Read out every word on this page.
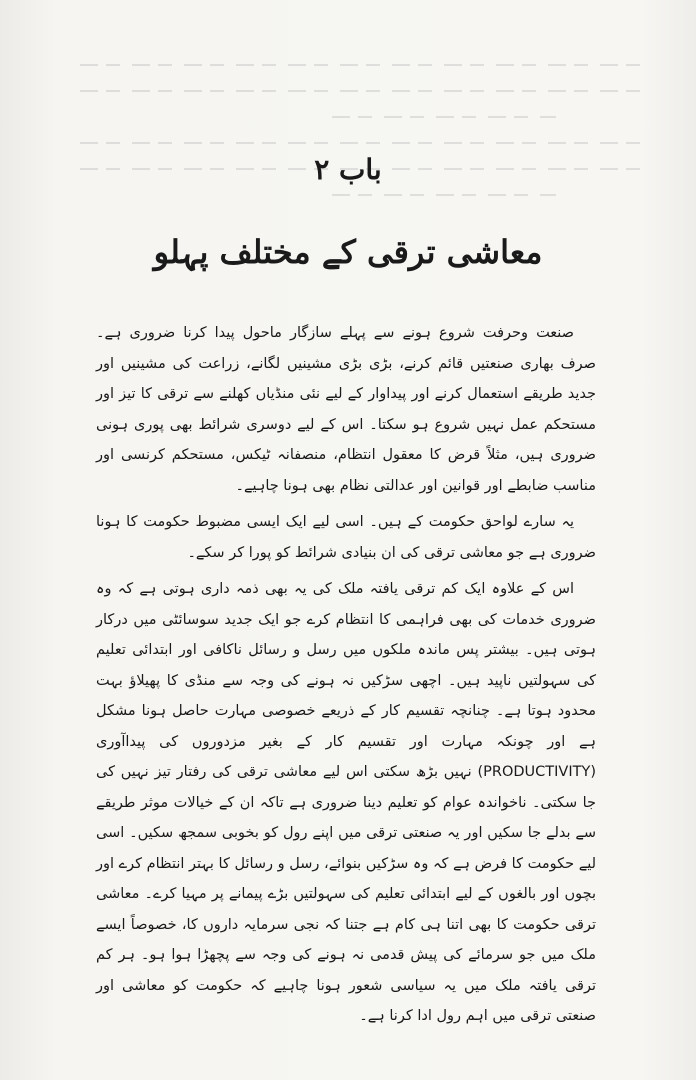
باب ۲
معاشی ترقی کے مختلف پہلو

صنعت وحرفت شروع ہونے سے پہلے سازگار ماحول پیدا کرنا ضروری ہے۔ صرف بھاری صنعتیں قائم کرنے، بڑی بڑی مشینیں لگانے، زراعت کی مشینیں اور جدید طریقے استعمال کرنے اور پیداوار کے لیے نئی منڈیاں کھلنے سے ترقی کا تیز اور مستحکم عمل نہیں شروع ہو سکتا۔ اس کے لیے دوسری شرائط بھی پوری ہونی ضروری ہیں، مثلاً قرض کا معقول انتظام، منصفانہ ٹیکس، مستحکم کرنسی اور مناسب ضابطے اور قوانین اور عدالتی نظام بھی ہونا چاہیے۔

یہ سارے لواحق حکومت کے ہیں۔ اسی لیے ایک ایسی مضبوط حکومت کا ہونا ضروری ہے جو معاشی ترقی کی ان بنیادی شرائط کو پورا کر سکے۔

اس کے علاوہ ایک کم ترقی یافتہ ملک کی یہ بھی ذمہ داری ہوتی ہے کہ وہ ضروری خدمات کی بھی فراہمی کا انتظام کرے جو ایک جدید سوسائٹی میں درکار ہوتی ہیں۔ بیشتر پس ماندہ ملکوں میں رسل و رسائل ناکافی اور ابتدائی تعلیم کی سہولتیں ناپید ہیں۔ اچھی سڑکیں نہ ہونے کی وجہ سے منڈی کا پھیلاؤ بہت محدود ہوتا ہے۔ چنانچہ تقسیم کار کے ذریعے خصوصی مہارت حاصل ہونا مشکل ہے اور چونکہ مہارت اور تقسیم کار کے بغیر مزدوروں کی پیداآوری (PRODUCTIVITY) نہیں بڑھ سکتی اس لیے معاشی ترقی کی رفتار تیز نہیں کی جا سکتی۔ ناخواندہ عوام کو تعلیم دینا ضروری ہے تاکہ ان کے خیالات موثر طریقے سے بدلے جا سکیں اور یہ صنعتی ترقی میں اپنے رول کو بخوبی سمجھ سکیں۔ اسی لیے حکومت کا فرض ہے کہ وہ سڑکیں بنوائے، رسل و رسائل کا بہتر انتظام کرے اور بچوں اور بالغوں کے لیے ابتدائی تعلیم کی سہولتیں بڑے پیمانے پر مہیا کرے۔ معاشی ترقی حکومت کا بھی اتنا ہی کام ہے جتنا کہ نجی سرمایہ داروں کا، خصوصاً ایسے ملک میں جو سرمائے کی پیش قدمی نہ ہونے کی وجہ سے پچھڑا ہوا ہو۔ ہر کم ترقی یافتہ ملک میں یہ سیاسی شعور ہونا چاہیے کہ حکومت کو معاشی اور صنعتی ترقی میں اہم رول ادا کرنا ہے۔
